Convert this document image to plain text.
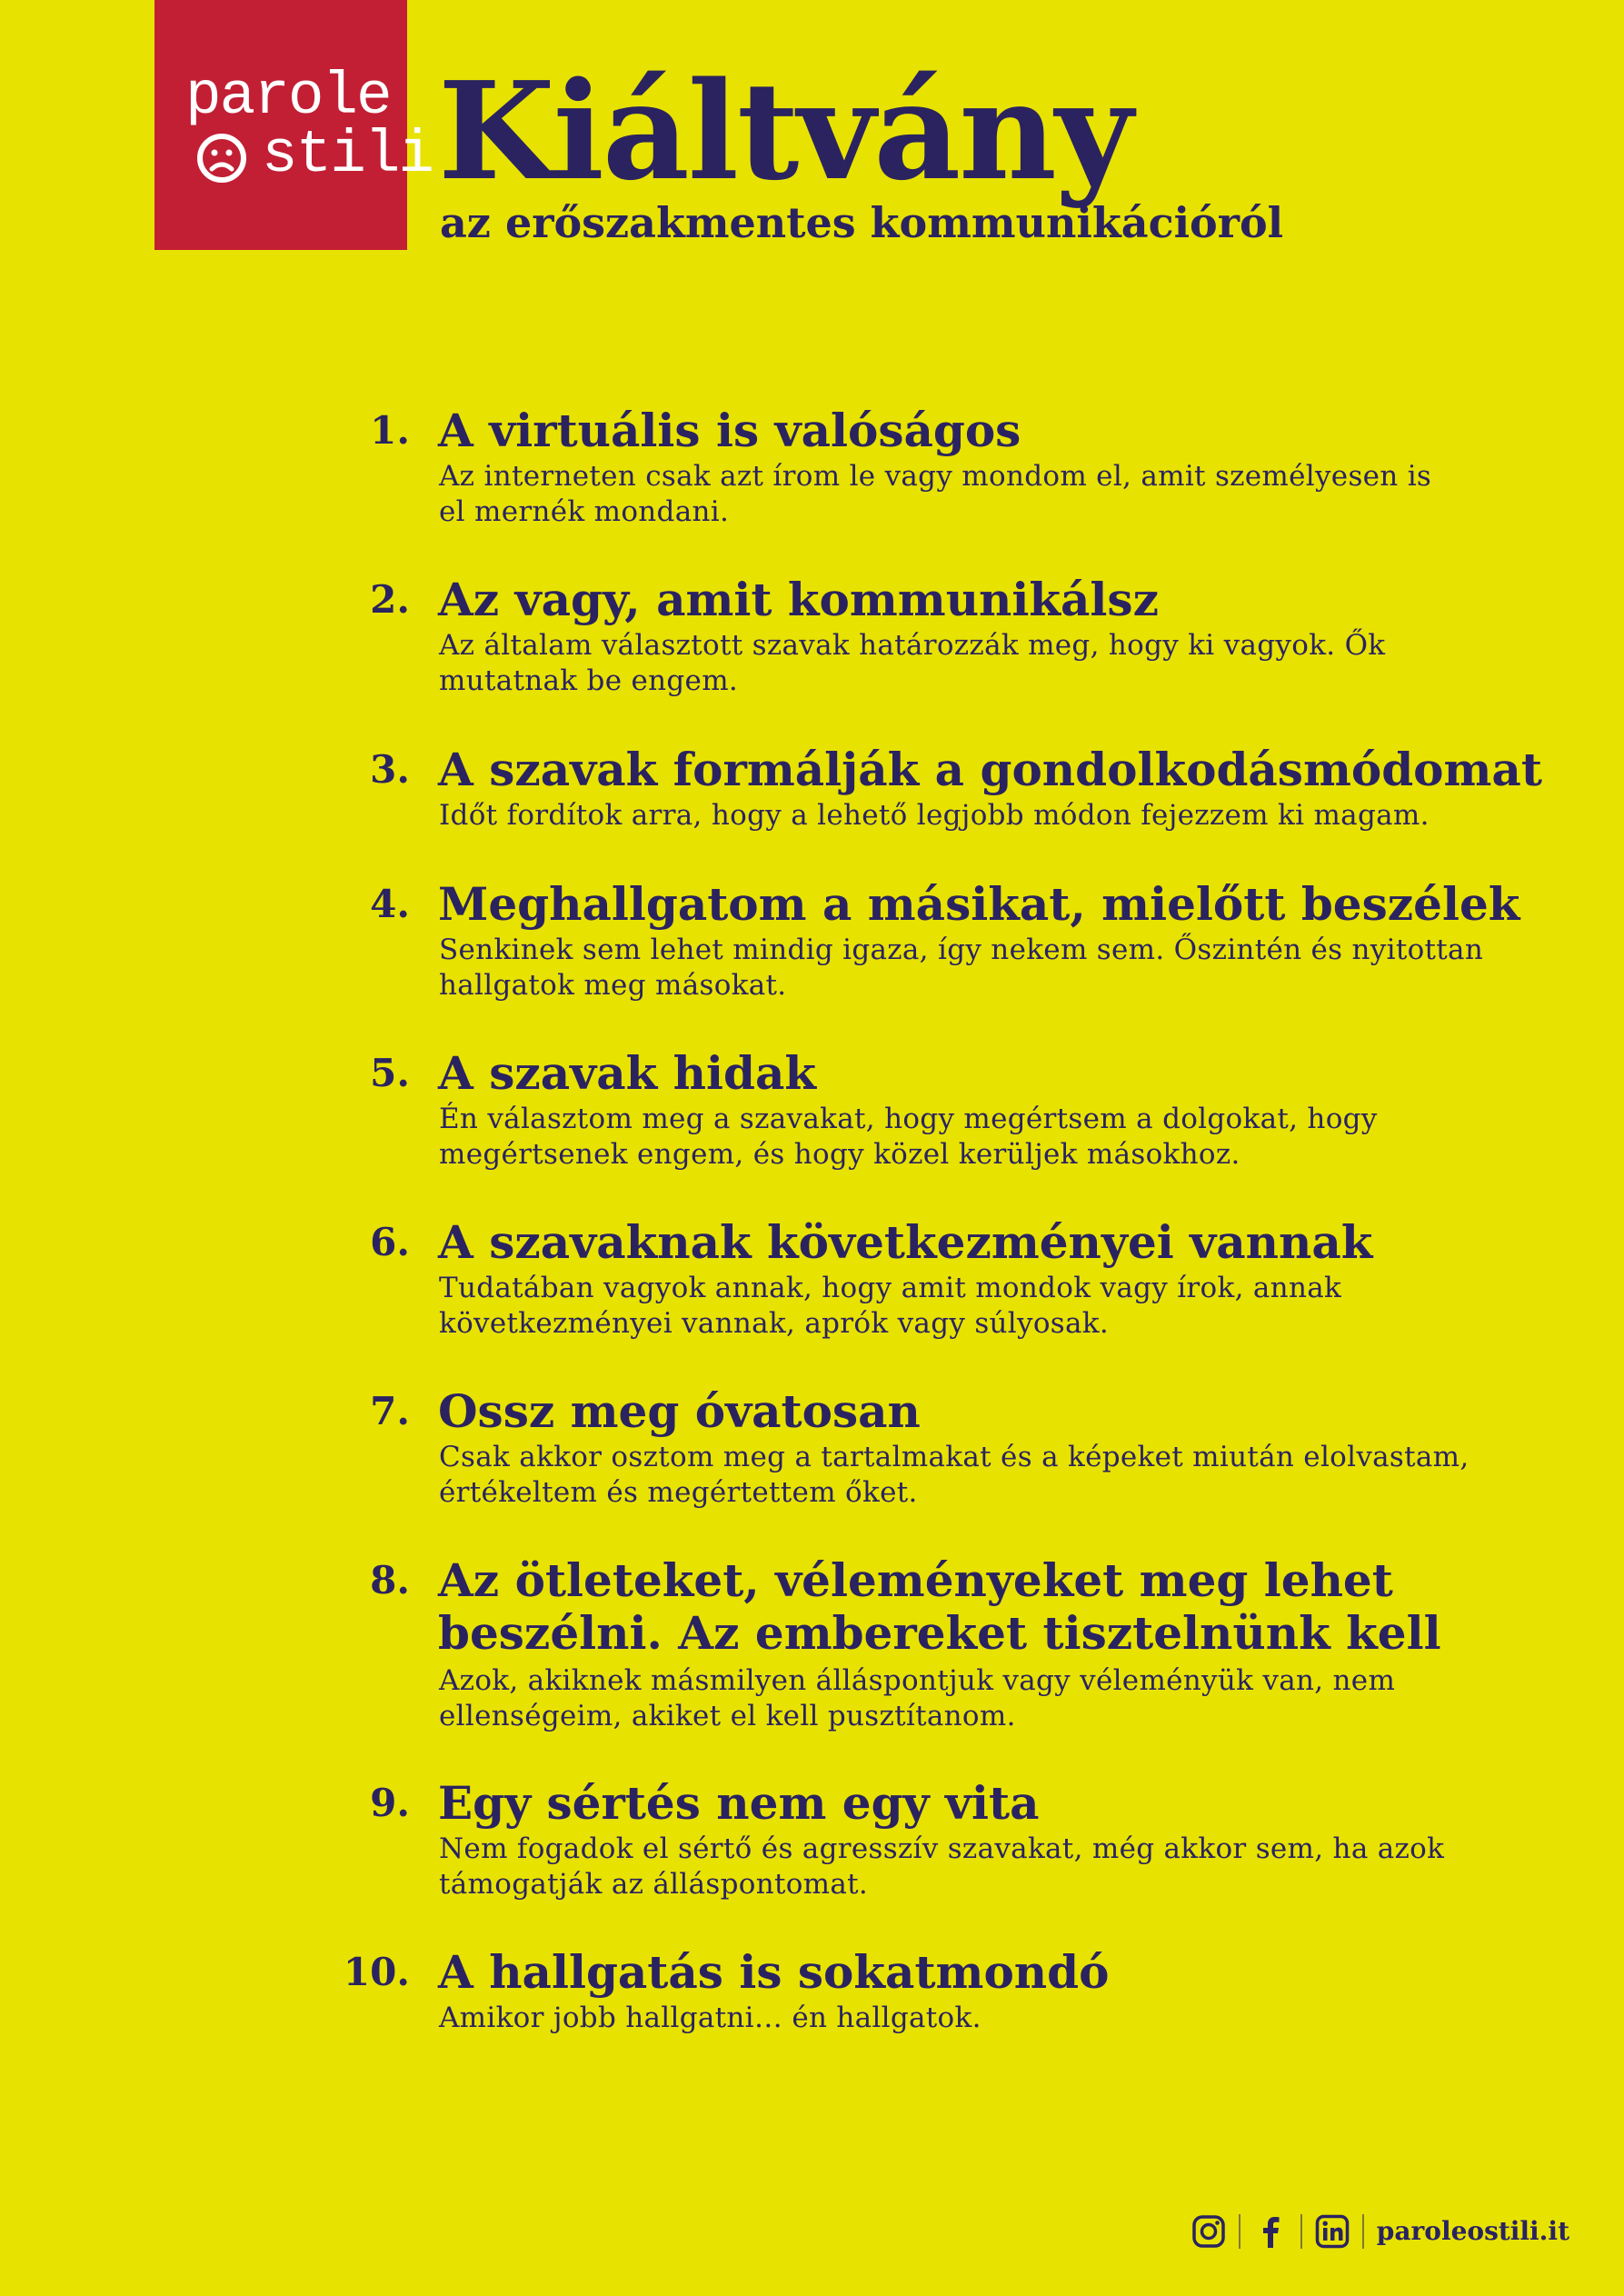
parole
stili Kiáltvány
az erőszakmentes kommunikációról
1. A virtuális is valóságos
Az interneten csak azt írom le vagy mondom el, amit személyesen is el mernék mondani.
2. Az vagy, amit kommunikálsz
Az általam választott szavak határozzák meg, hogy ki vagyok. Ők mutatnak be engem.
3. A szavak formálják a gondolkodásmódomat
Időt fordítok arra, hogy a lehető legjobb módon fejezzem ki magam.
4. Meghallgatom a másikat, mielőtt beszélek
Senkinek sem lehet mindig igaza, így nekem sem. Őszintén és nyitottan hallgatok meg másokat.
5. A szavak hidak
Én választom meg a szavakat, hogy megértsem a dolgokat, hogy megértsenek engem, és hogy közel kerüljek másokhoz.
6. A szavaknak következményei vannak
Tudatában vagyok annak, hogy amit mondok vagy írok, annak következményei vannak, aprók vagy súlyosak.
7. Ossz meg óvatosan
Csak akkor osztom meg a tartalmakat és a képeket miután elolvastam, értékeltem és megértettem őket.
8. Az ötleteket, véleményeket meg lehet beszélni. Az embereket tisztelnünk kell
Azok, akiknek másmilyen álláspontjuk vagy véleményük van, nem ellenségeim, akiket el kell pusztítanom.
9. Egy sértés nem egy vita
Nem fogadok el sértő és agresszív szavakat, még akkor sem, ha azok támogatják az álláspontomat.
10. A hallgatás is sokatmondó
Amikor jobb hallgatni… én hallgatok.
paroleostili.it
